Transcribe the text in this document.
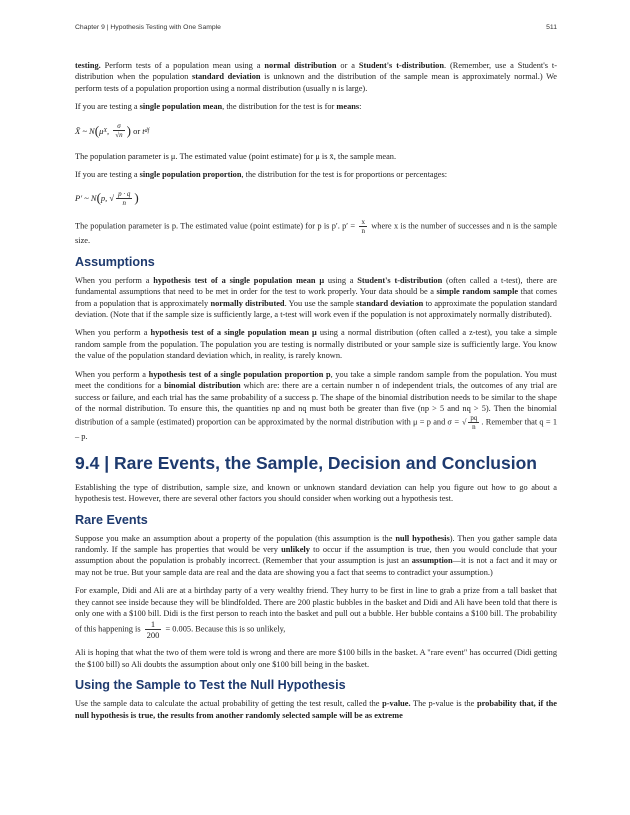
Chapter 9 | Hypothesis Testing with One Sample	511

testing. Perform tests of a population mean using a normal distribution or a Student's t-distribution. (Remember, use a Student's t-distribution when the population standard deviation is unknown and the distribution of the sample mean is approximately normal.) We perform tests of a population proportion using a normal distribution (usually n is large).

If you are testing a single population mean, the distribution for the test is for means:

X̄ ~ N ( μ X , $\frac{\sigma}{√n}$ )
or
t df

The population parameter is μ. The estimated value (point estimate) for μ is x̄, the sample mean.

If you are testing a single population proportion, the distribution for the test is for proportions or percentages:

P′ ~ N ( p , √ $\frac{p \cdot q}{n}$ )

The population parameter is p. The estimated value (point estimate) for p is p′. $p' = \frac{x}{n}$ where x is the number of successes and n is the sample size.

Assumptions

When you perform a hypothesis test of a single population mean μ using a Student's t-distribution (often called a t-test), there are fundamental assumptions that need to be met in order for the test to work properly. Your data should be a simple random sample that comes from a population that is approximately normally distributed. You use the sample standard deviation to approximate the population standard deviation. (Note that if the sample size is sufficiently large, a t-test will work even if the population is not approximately normally distributed).

When you perform a hypothesis test of a single population mean μ using a normal distribution (often called a z-test), you take a simple random sample from the population. The population you are testing is normally distributed or your sample size is sufficiently large. You know the value of the population standard deviation which, in reality, is rarely known.

When you perform a hypothesis test of a single population proportion p, you take a simple random sample from the population. You must meet the conditions for a binomial distribution which are: there are a certain number n of independent trials, the outcomes of any trial are success or failure, and each trial has the same probability of a success p. The shape of the binomial distribution needs to be similar to the shape of the normal distribution. To ensure this, the quantities np and nq must both be greater than five (np > 5 and nq > 5). Then the binomial distribution of a sample (estimated) proportion can be approximated by the normal distribution with μ = p and σ = √ $\frac{pq}{n}$ . Remember that q = 1 – p.

9.4 | Rare Events, the Sample, Decision and Conclusion

Establishing the type of distribution, sample size, and known or unknown standard deviation can help you figure out how to go about a hypothesis test. However, there are several other factors you should consider when working out a hypothesis test.

Rare Events

Suppose you make an assumption about a property of the population (this assumption is the null hypothesis). Then you gather sample data randomly. If the sample has properties that would be very unlikely to occur if the assumption is true, then you would conclude that your assumption about the population is probably incorrect. (Remember that your assumption is just an assumption—it is not a fact and it may or may not be true. But your sample data are real and the data are showing you a fact that seems to contradict your assumption.)

For example, Didi and Ali are at a birthday party of a very wealthy friend. They hurry to be first in line to grab a prize from a tall basket that they cannot see inside because they will be blindfolded. There are 200 plastic bubbles in the basket and Didi and Ali have been told that there is only one with a $100 bill. Didi is the first person to reach into the basket and pull out a bubble. Her bubble contains a $100 bill. The probability of this happening is $\frac{1}{200} = 0.005$. Because this is so unlikely,

Ali is hoping that what the two of them were told is wrong and there are more $100 bills in the basket. A "rare event" has occurred (Didi getting the $100 bill) so Ali doubts the assumption about only one $100 bill being in the basket.

Using the Sample to Test the Null Hypothesis

Use the sample data to calculate the actual probability of getting the test result, called the p-value. The p-value is the probability that, if the null hypothesis is true, the results from another randomly selected sample will be as extreme
